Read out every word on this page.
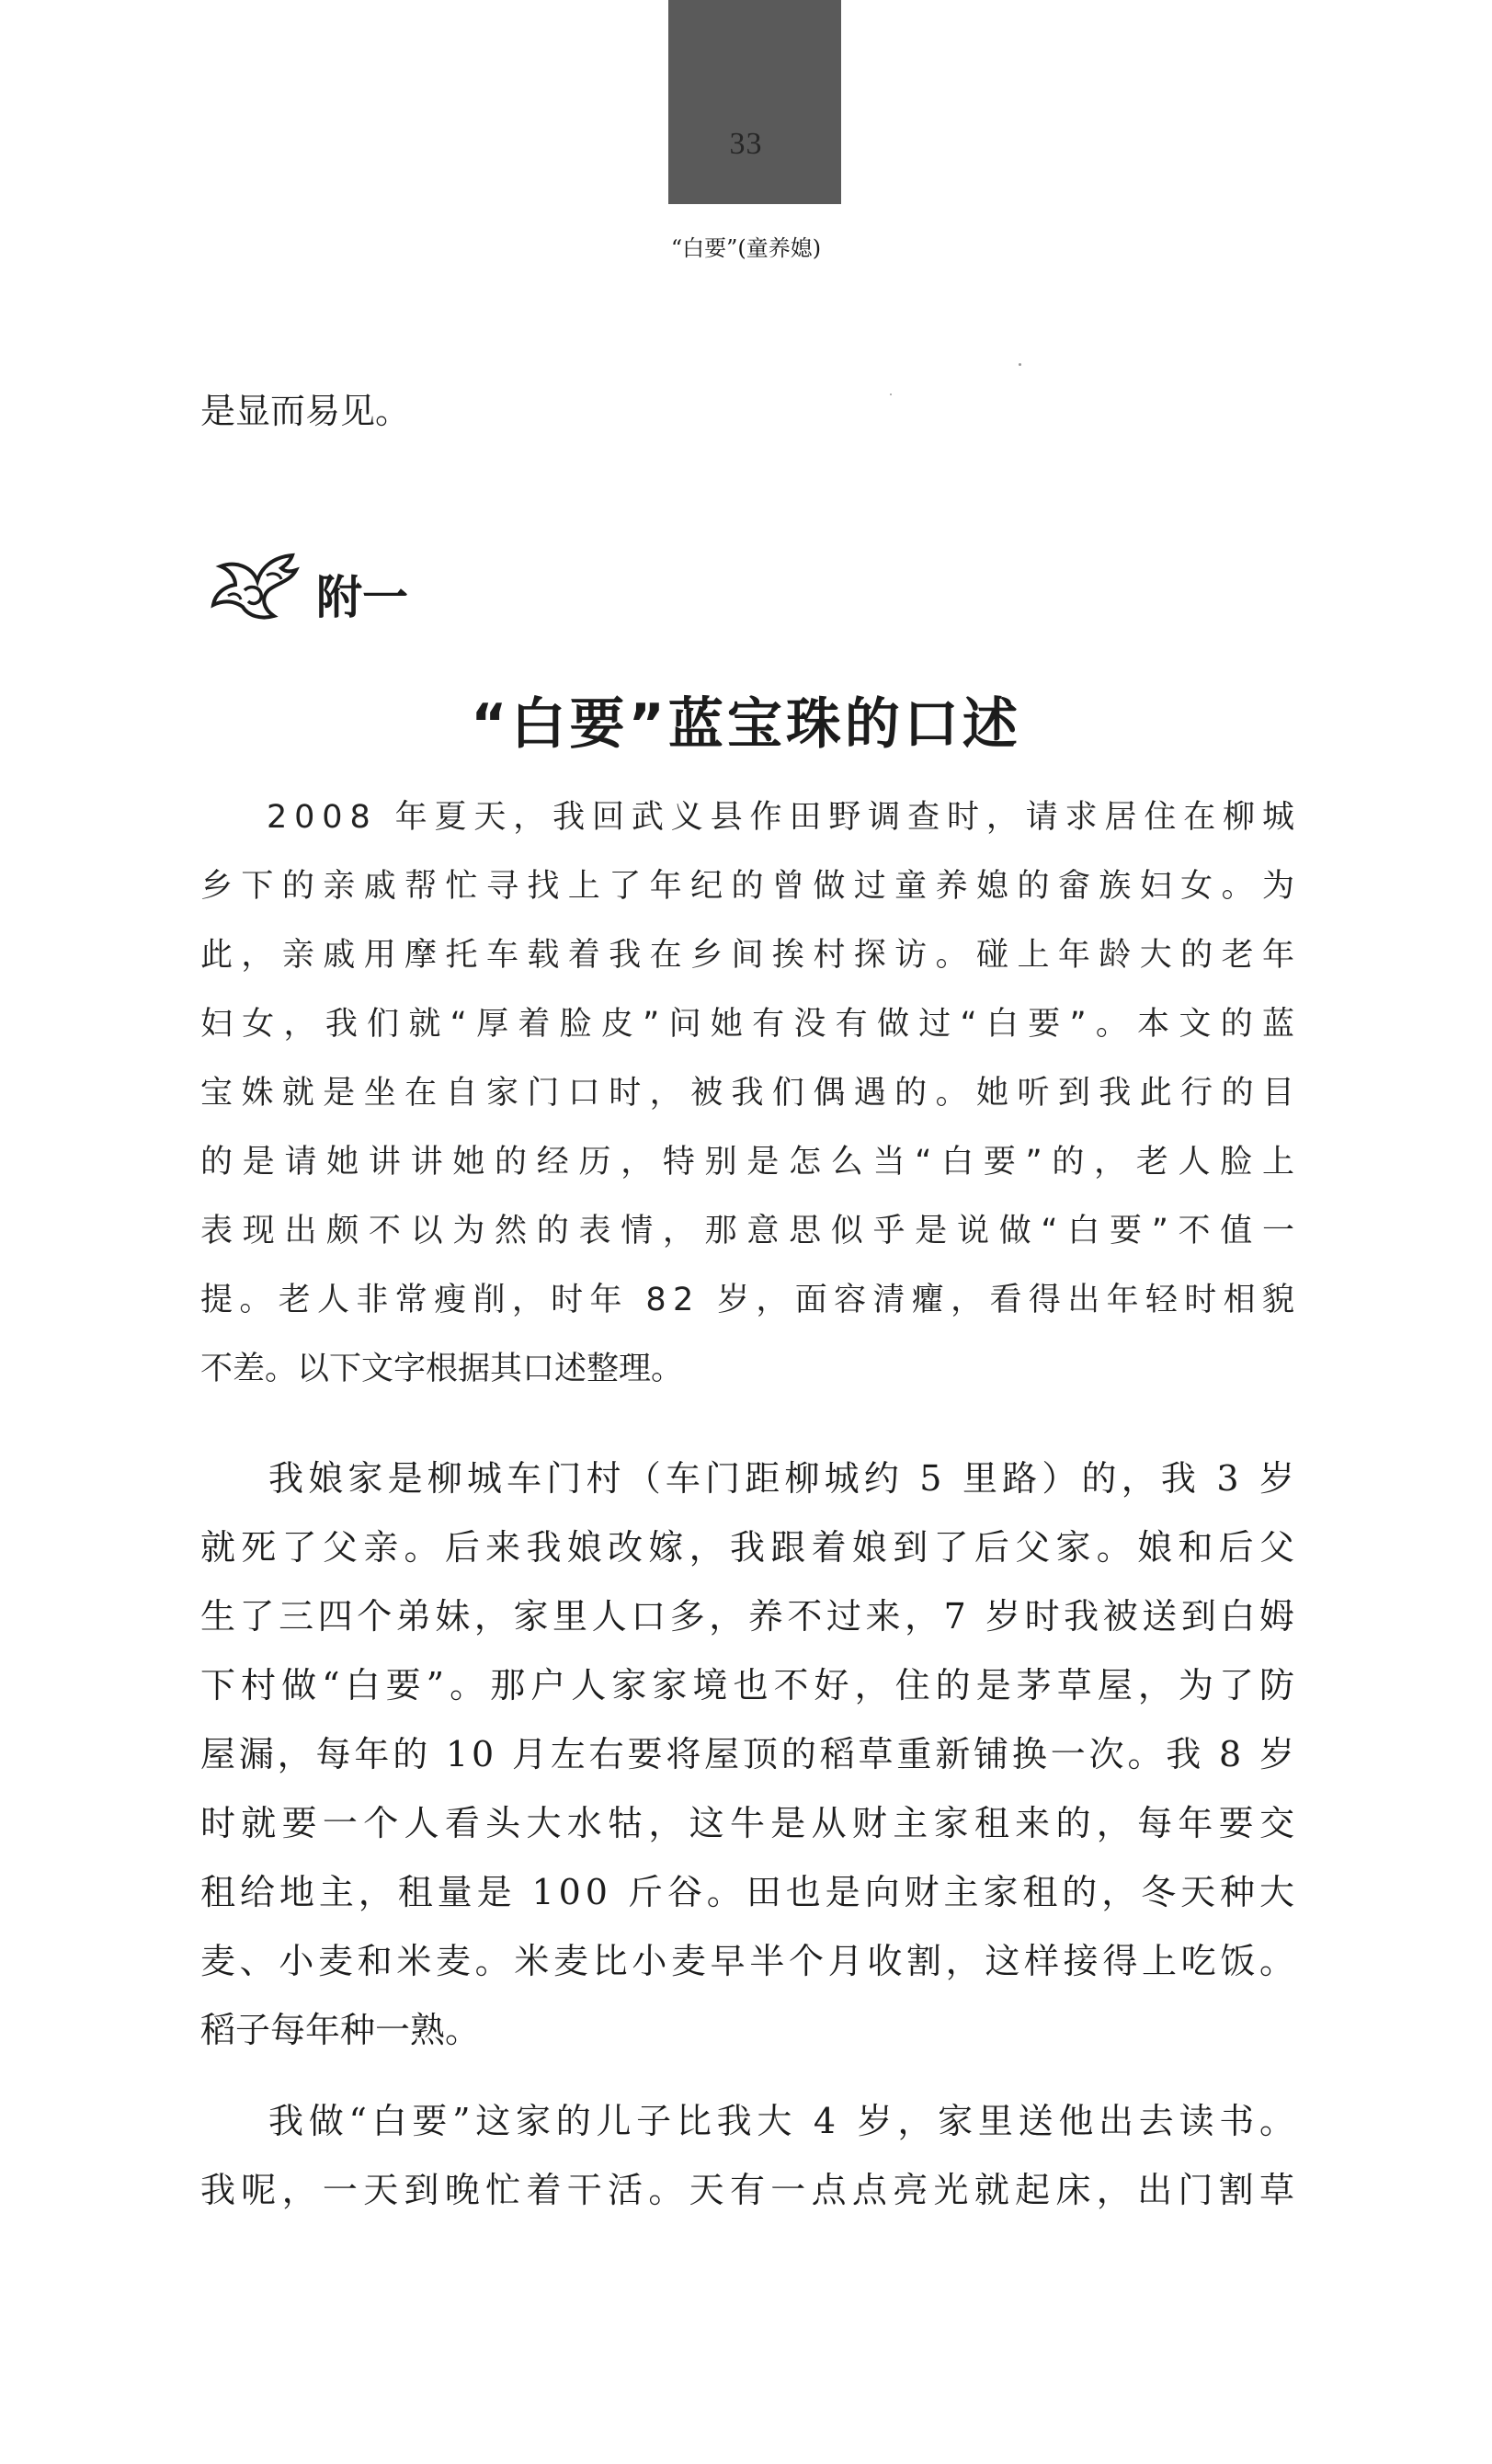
33
“白要”(童养媳)
是显而易见。
附一
“白要”蓝宝珠的口述
2008 年夏天，我回武义县作田野调查时，请求居住在柳城
乡下的亲戚帮忙寻找上了年纪的曾做过童养媳的畲族妇女。为
此，亲戚用摩托车载着我在乡间挨村探访。碰上年龄大的老年
妇女，我们就“厚着脸皮”问她有没有做过“白要”。本文的蓝
宝姝就是坐在自家门口时，被我们偶遇的。她听到我此行的目
的是请她讲讲她的经历，特别是怎么当“白要”的，老人脸上
表现出颇不以为然的表情，那意思似乎是说做“白要”不值一
提。老人非常瘦削，时年 82 岁，面容清癯，看得出年轻时相貌
不差。以下文字根据其口述整理。
我娘家是柳城车门村（车门距柳城约 5 里路）的，我 3 岁
就死了父亲。后来我娘改嫁，我跟着娘到了后父家。娘和后父
生了三四个弟妹，家里人口多，养不过来，7 岁时我被送到白姆
下村做“白要”。那户人家家境也不好，住的是茅草屋，为了防
屋漏，每年的 10 月左右要将屋顶的稻草重新铺换一次。我 8 岁
时就要一个人看头大水牯，这牛是从财主家租来的，每年要交
租给地主，租量是 100 斤谷。田也是向财主家租的，冬天种大
麦、小麦和米麦。米麦比小麦早半个月收割，这样接得上吃饭。
稻子每年种一熟。
我做“白要”这家的儿子比我大 4 岁，家里送他出去读书。
我呢，一天到晚忙着干活。天有一点点亮光就起床，出门割草
